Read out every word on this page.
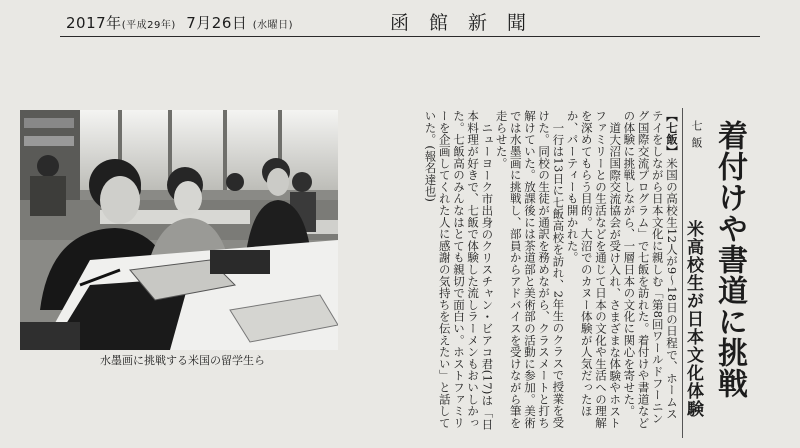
2017年(平成29年) 7月26日 (水曜日)	函館新聞
水墨画に挑戦する米国の留学生ら

【七飯】米国の高校生12人が9～18日の日程で、ホームステイをしながら日本文化に親しむ「第8回ワールドフーニング国際交流プログラム」で七飯を訪れた。着付けや書道などの体験に挑戦しながら、一層日本の文化に関心を寄せた。

道大沼国際交流協会が受け入れ、さまざまな体験やホストファミリーとの生活などを通じて日本の文化や生活への理解を深めてもらう目的。大沼でのカヌー体験が人気だったほか、パーティーも開かれた。

一行は13日に七飯高校を訪れ、2年生のクラスで授業を受けた。同校の生徒が通訳を務めながら、クラスメートと打ち解けていた。放課後には茶道部と美術部の活動に参加。美術では水墨画に挑戦し、部員からアドバイスを受けながら筆を走らせた。

ニューヨーク市出身のクリスチャン・ビアコ君(17)は「日本料理が好きで、七飯で体験した流しラーメンもおいしかった。七飯高のみんなはとても親切で面白い。ホストファミリーを企画してくれた人に感謝の気持ちを伝えたい」と話していた。(報名達也)	七飯
米高校生が日本文化体験 着付けや書道に挑戦
